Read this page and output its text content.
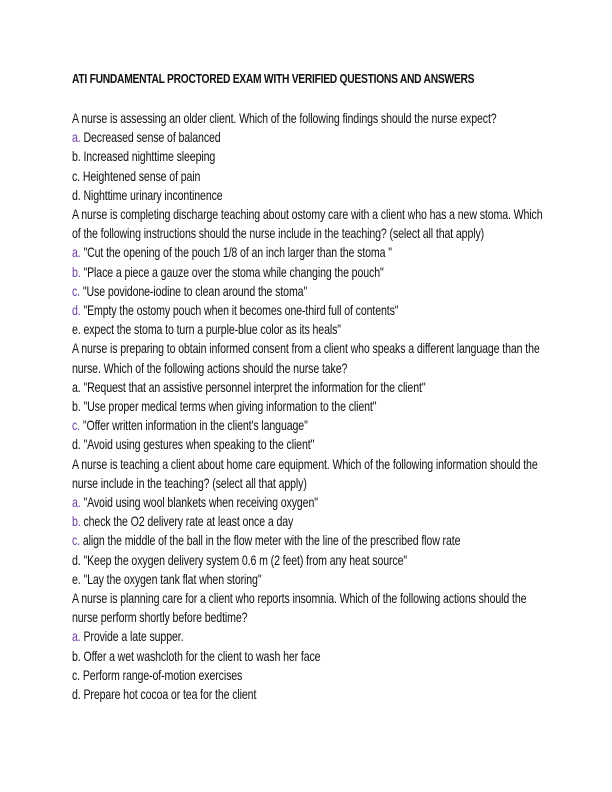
ATI FUNDAMENTAL PROCTORED EXAM WITH VERIFIED QUESTIONS AND ANSWERS

A nurse is assessing an older client. Which of the following findings should the nurse expect?

a. Decreased sense of balanced
b. Increased nighttime sleeping
c. Heightened sense of pain
d. Nighttime urinary incontinence

A nurse is completing discharge teaching about ostomy care with a client who has a new stoma. Which of the following instructions should the nurse include in the teaching? (select all that apply)

a. "Cut the opening of the pouch 1/8 of an inch larger than the stoma "
b. "Place a piece a gauze over the stoma while changing the pouch"
c. "Use povidone-iodine to clean around the stoma"
d. "Empty the ostomy pouch when it becomes one-third full of contents"
e. expect the stoma to turn a purple-blue color as its heals"

A nurse is preparing to obtain informed consent from a client who speaks a different language than the nurse. Which of the following actions should the nurse take?

a. "Request that an assistive personnel interpret the information for the client"
b. "Use proper medical terms when giving information to the client"
c. "Offer written information in the client's language"
d. "Avoid using gestures when speaking to the client"

A nurse is teaching a client about home care equipment. Which of the following information should the nurse include in the teaching? (select all that apply)

a. "Avoid using wool blankets when receiving oxygen"
b. check the O2 delivery rate at least once a day
c. align the middle of the ball in the flow meter with the line of the prescribed flow rate
d. "Keep the oxygen delivery system 0.6 m (2 feet) from any heat source"
e. "Lay the oxygen tank flat when storing"

A nurse is planning care for a client who reports insomnia. Which of the following actions should the nurse perform shortly before bedtime?

a. Provide a late supper.
b. Offer a wet washcloth for the client to wash her face
c. Perform range-of-motion exercises
d. Prepare hot cocoa or tea for the client
